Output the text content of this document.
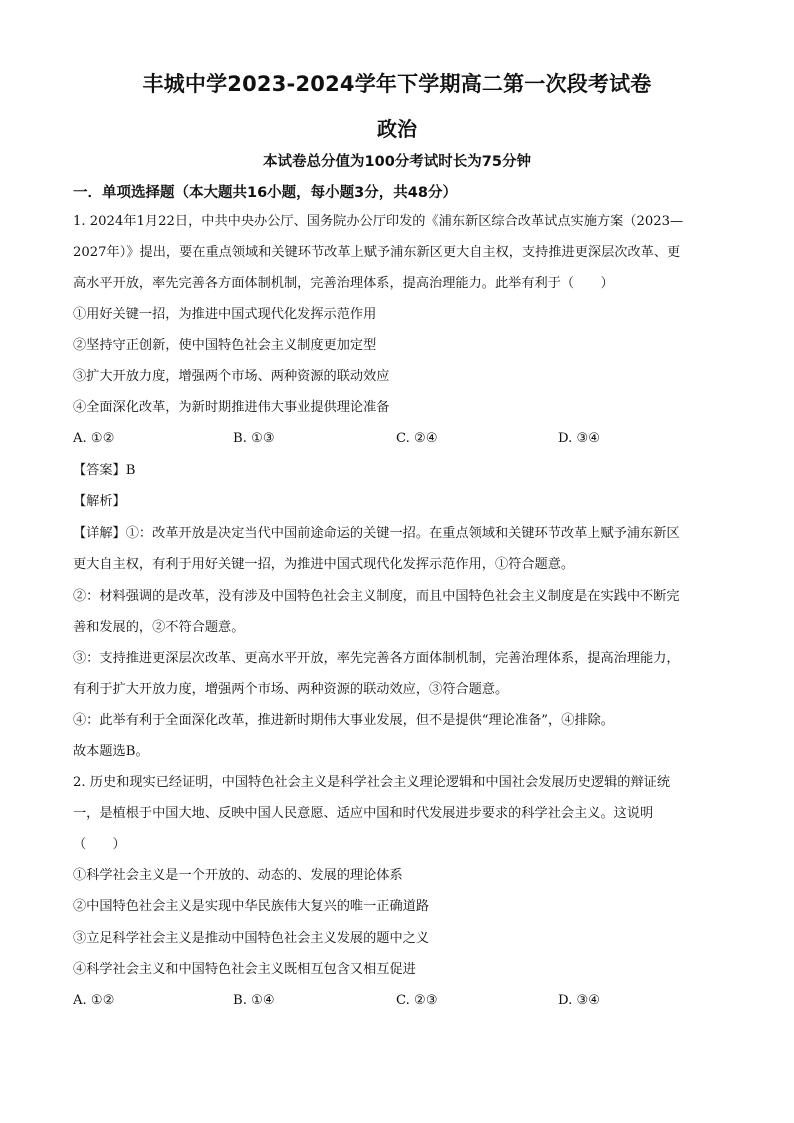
丰城中学2023-2024学年下学期高二第一次段考试卷
政治
本试卷总分值为100分考试时长为75分钟
一．单项选择题（本大题共16小题，每小题3分，共48分）
1. 2024年1月22日，中共中央办公厅、国务院办公厅印发的《浦东新区综合改革试点实施方案（2023—
2027年）》提出，要在重点领域和关键环节改革上赋予浦东新区更大自主权，支持推进更深层次改革、更
高水平开放，率先完善各方面体制机制，完善治理体系，提高治理能力。此举有利于（　　）
①用好关键一招，为推进中国式现代化发挥示范作用
②坚持守正创新，使中国特色社会主义制度更加定型
③扩大开放力度，增强两个市场、两种资源的联动效应
④全面深化改革，为新时期推进伟大事业提供理论准备
A. ①②	B. ①③	C. ②④	D. ③④
【答案】B
【解析】
【详解】①：改革开放是决定当代中国前途命运的关键一招。在重点领域和关键环节改革上赋予浦东新区
更大自主权，有利于用好关键一招，为推进中国式现代化发挥示范作用，①符合题意。
②：材料强调的是改革，没有涉及中国特色社会主义制度，而且中国特色社会主义制度是在实践中不断完
善和发展的，②不符合题意。
③：支持推进更深层次改革、更高水平开放，率先完善各方面体制机制，完善治理体系，提高治理能力，
有利于扩大开放力度，增强两个市场、两种资源的联动效应，③符合题意。
④：此举有利于全面深化改革，推进新时期伟大事业发展，但不是提供“理论准备”，④排除。
故本题选B。
2. 历史和现实已经证明，中国特色社会主义是科学社会主义理论逻辑和中国社会发展历史逻辑的辩证统
一，是植根于中国大地、反映中国人民意愿、适应中国和时代发展进步要求的科学社会主义。这说明
（　　）
①科学社会主义是一个开放的、动态的、发展的理论体系
②中国特色社会主义是实现中华民族伟大复兴的唯一正确道路
③立足科学社会主义是推动中国特色社会主义发展的题中之义
④科学社会主义和中国特色社会主义既相互包含又相互促进
A. ①②	B. ①④	C. ②③	D. ③④
